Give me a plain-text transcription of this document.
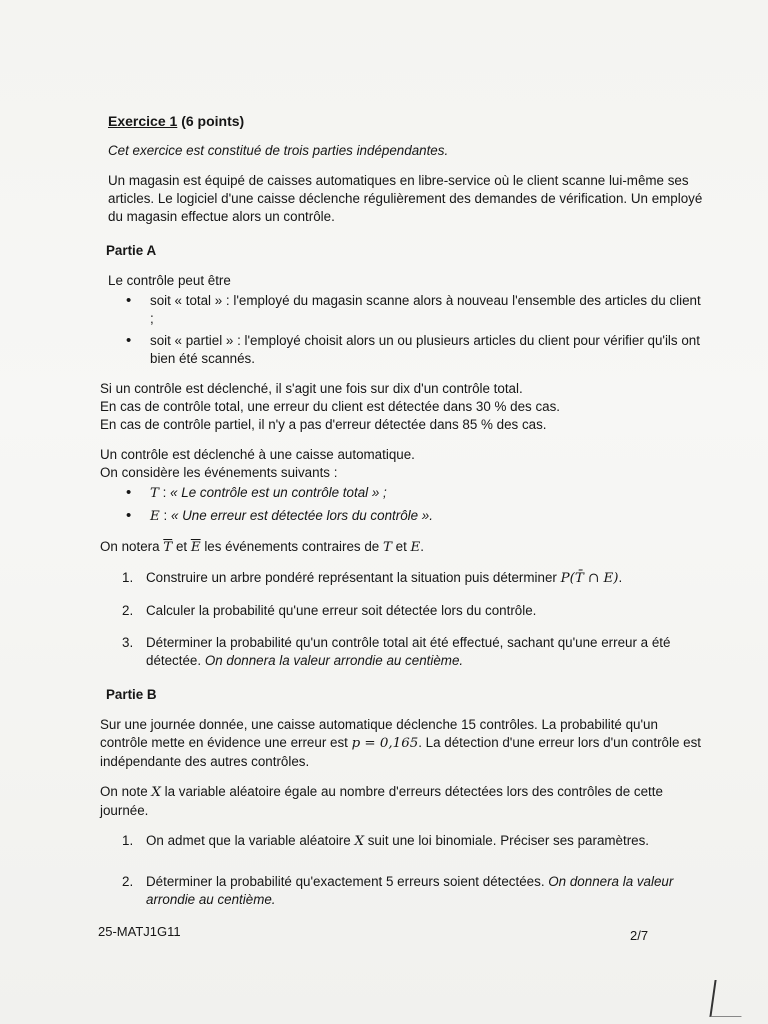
Exercice 1 (6 points)

Cet exercice est constitué de trois parties indépendantes.

Un magasin est équipé de caisses automatiques en libre-service où le client scanne lui-même ses articles. Le logiciel d'une caisse déclenche régulièrement des demandes de vérification. Un employé du magasin effectue alors un contrôle.

Partie A

Le contrôle peut être

• soit « total » : l'employé du magasin scanne alors à nouveau l'ensemble des articles du client ;
• soit « partiel » : l'employé choisit alors un ou plusieurs articles du client pour vérifier qu'ils ont bien été scannés.

Si un contrôle est déclenché, il s'agit une fois sur dix d'un contrôle total.
En cas de contrôle total, une erreur du client est détectée dans 30 % des cas.
En cas de contrôle partiel, il n'y a pas d'erreur détectée dans 85 % des cas.

Un contrôle est déclenché à une caisse automatique.
On considère les événements suivants :

• T : « Le contrôle est un contrôle total » ;
• E : « Une erreur est détectée lors du contrôle ».

On notera $\overline{T}$ et $\overline{E}$ les événements contraires de T et E.

1. Construire un arbre pondéré représentant la situation puis déterminer P(T̄ ∩ E).
2. Calculer la probabilité qu'une erreur soit détectée lors du contrôle.
3. Déterminer la probabilité qu'un contrôle total ait été effectué, sachant qu'une erreur a été détectée. On donnera la valeur arrondie au centième.
Partie B

Sur une journée donnée, une caisse automatique déclenche 15 contrôles. La probabilité qu'un contrôle mette en évidence une erreur est p = 0,165. La détection d'une erreur lors d'un contrôle est indépendante des autres contrôles.

On note X la variable aléatoire égale au nombre d'erreurs détectées lors des contrôles de cette journée.

1. On admet que la variable aléatoire X suit une loi binomiale. Préciser ses paramètres.
2. Déterminer la probabilité qu'exactement 5 erreurs soient détectées. On donnera la valeur arrondie au centième.
25-MATJ1G11	2/7
